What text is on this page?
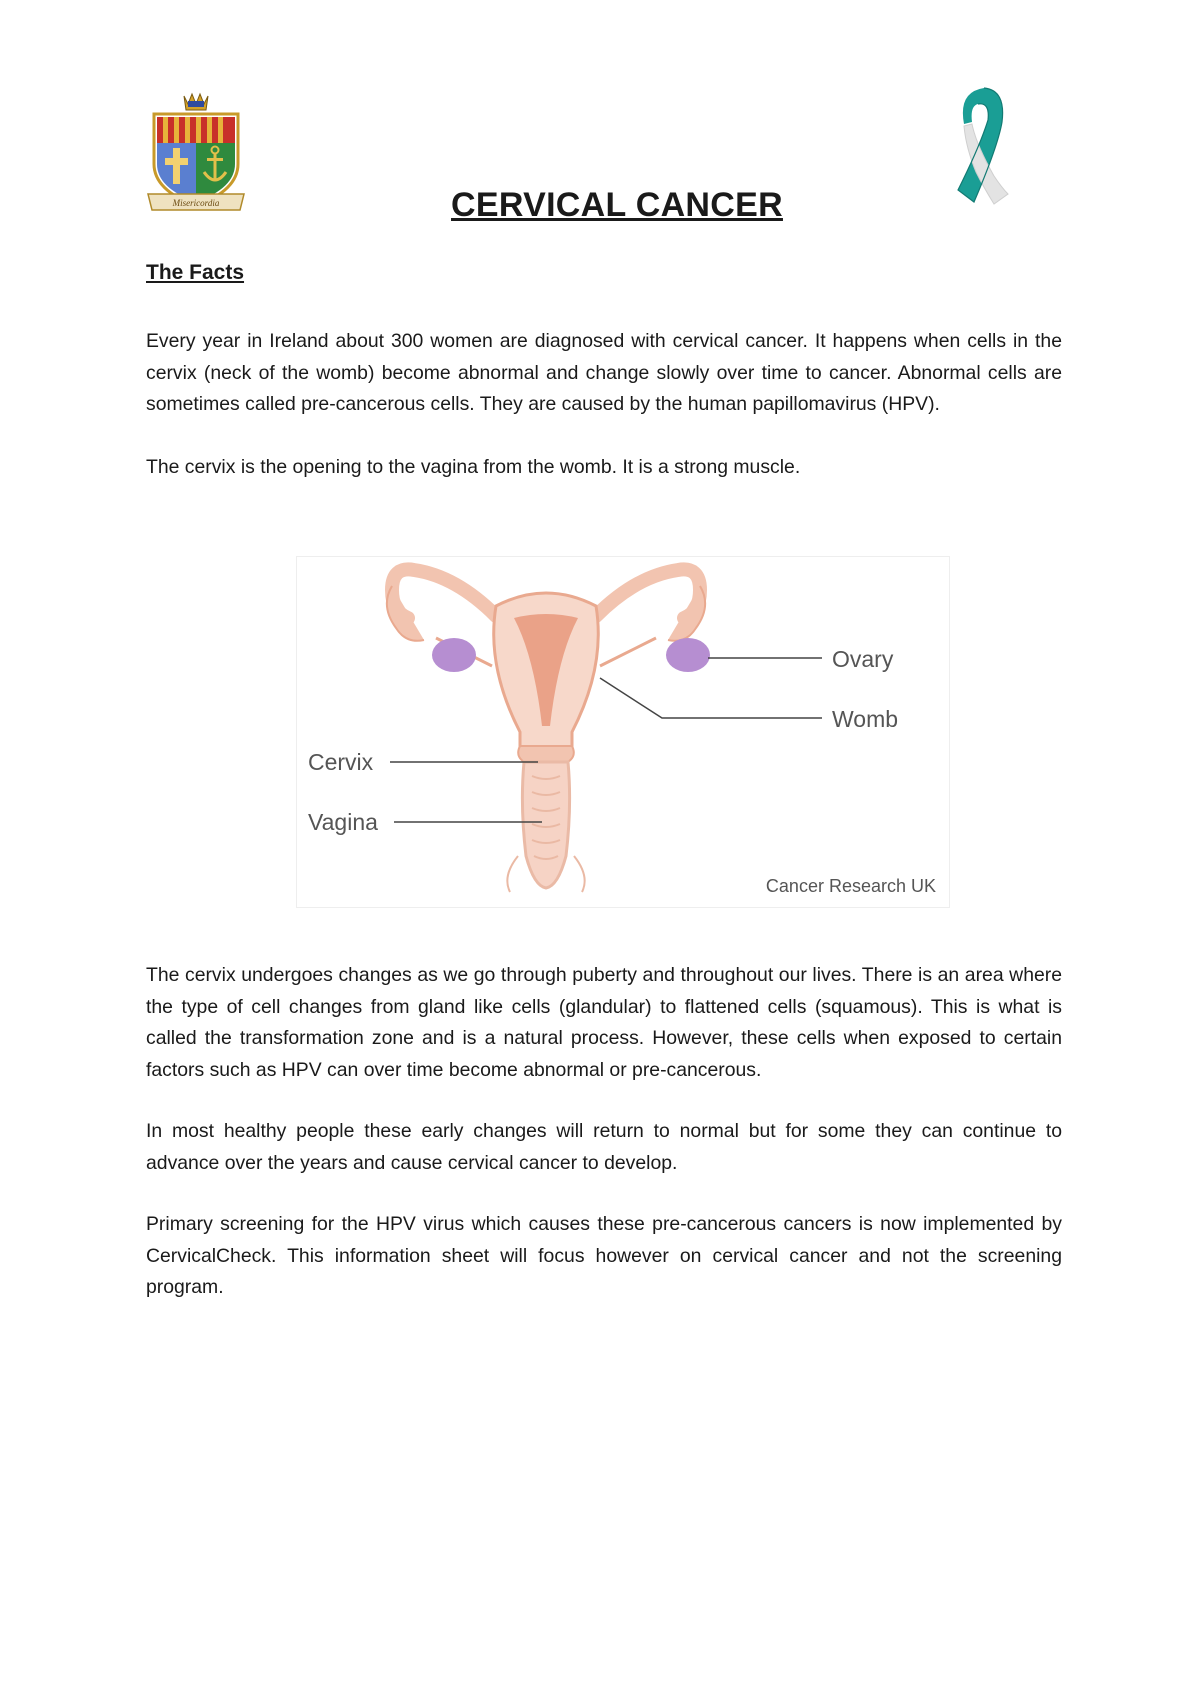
Misericordia	CERVICAL CANCER
The Facts

Every year in Ireland about 300 women are diagnosed with cervical cancer. It happens when cells in the cervix (neck of the womb) become abnormal and change slowly over time to cancer. Abnormal cells are sometimes called pre-cancerous cells. They are caused by the human papillomavirus (HPV).

The cervix is the opening to the vagina from the womb. It is a strong muscle.

Ovary
Womb
Cervix
Vagina
Cancer Research UK

The cervix undergoes changes as we go through puberty and throughout our lives. There is an area where the type of cell changes from gland like cells (glandular) to flattened cells (squamous). This is what is called the transformation zone and is a natural process. However, these cells when exposed to certain factors such as HPV can over time become abnormal or pre-cancerous.

In most healthy people these early changes will return to normal but for some they can continue to advance over the years and cause cervical cancer to develop.

Primary screening for the HPV virus which causes these pre-cancerous cancers is now implemented by CervicalCheck. This information sheet will focus however on cervical cancer and not the screening program.
